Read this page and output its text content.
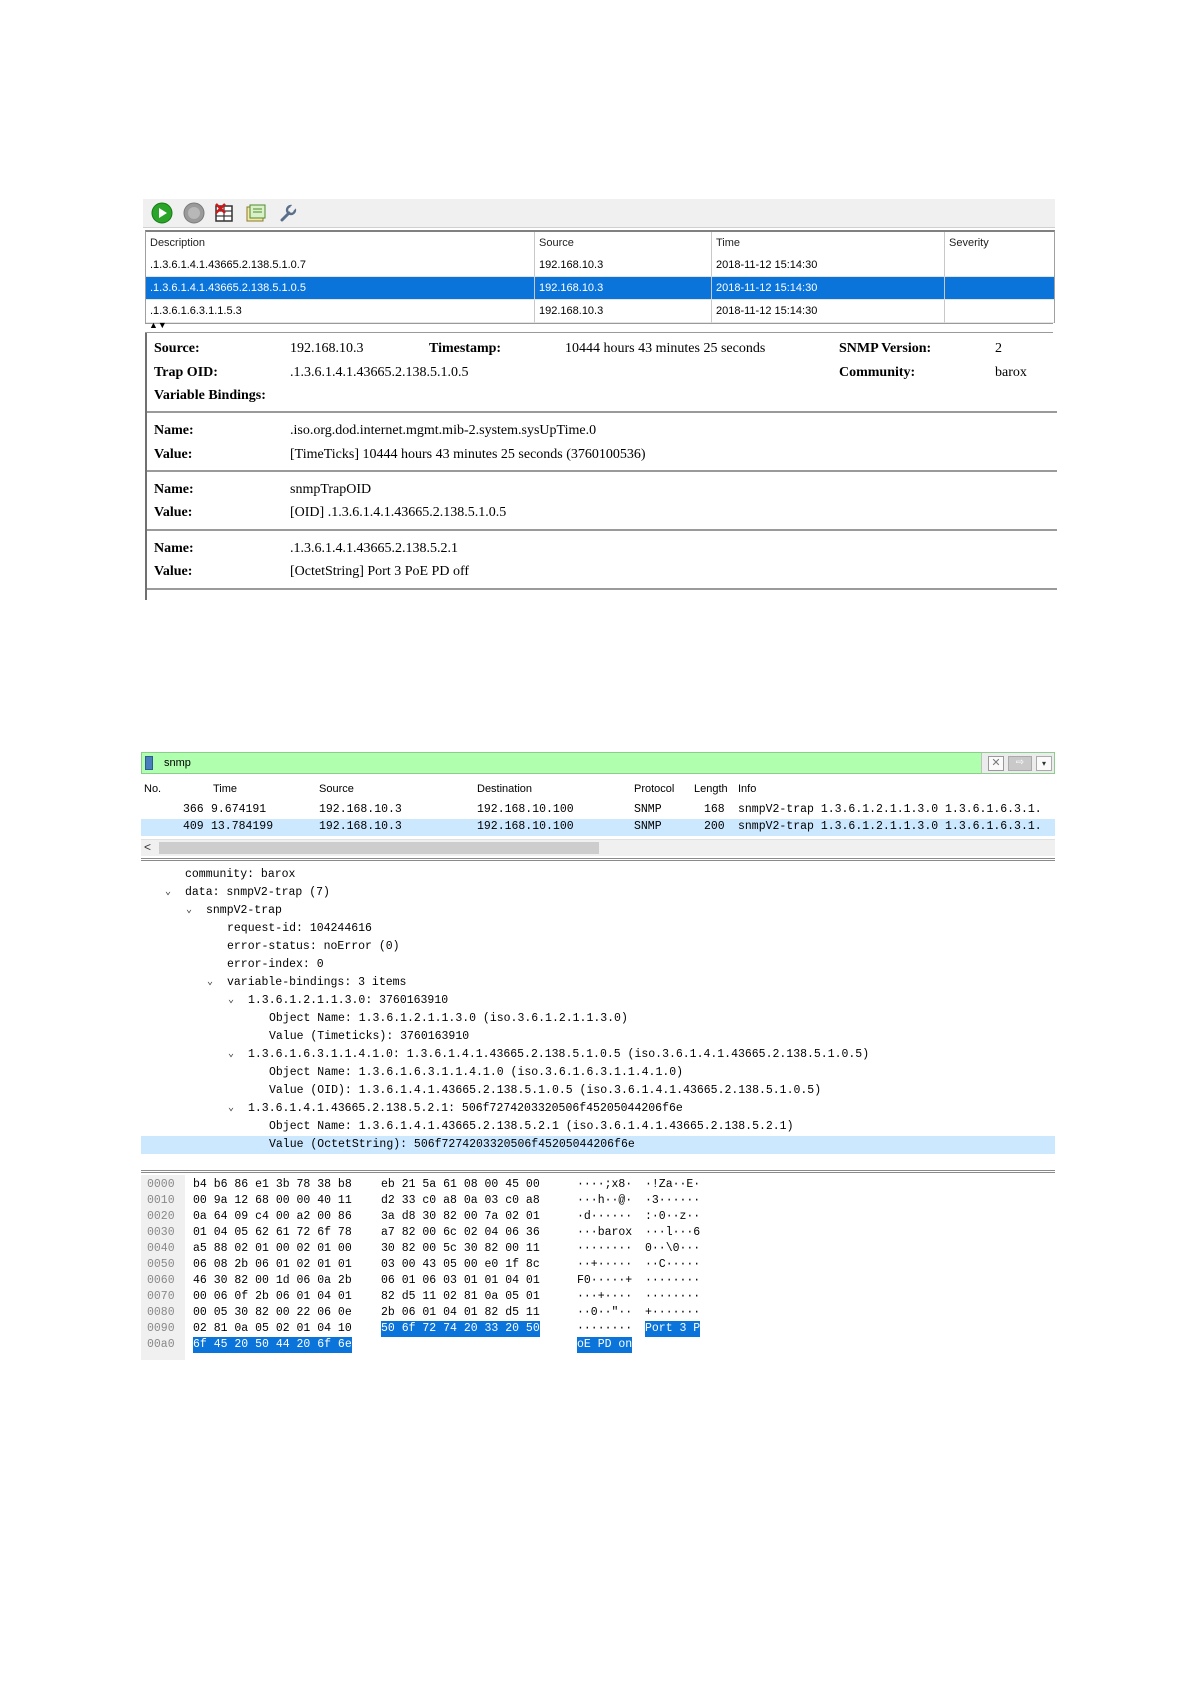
Description	Source	Time	Severity
.1.3.6.1.4.1.43665.2.138.5.1.0.7	192.168.10.3	2018-11-12 15:14:30
.1.3.6.1.4.1.43665.2.138.5.1.0.5	192.168.10.3	2018-11-12 15:14:30
.1.3.6.1.6.3.1.1.5.3	192.168.10.3	2018-11-12 15:14:30
▲▼
Source:	192.168.10.3	Timestamp:	10444 hours 43 minutes 25 seconds	SNMP Version:	2
Trap OID:	.1.3.6.1.4.1.43665.2.138.5.1.0.5	Community:	barox
Variable Bindings:
Name:	.iso.org.dod.internet.mgmt.mib-2.system.sysUpTime.0
Value:	[TimeTicks] 10444 hours 43 minutes 25 seconds (3760100536)
Name:	snmpTrapOID
Value:	[OID] .1.3.6.1.4.1.43665.2.138.5.1.0.5
Name:	.1.3.6.1.4.1.43665.2.138.5.2.1
Value:	[OctetString] Port 3 PoE PD off
snmp	✕	⇨	▾
No.	Time	Source	Destination	Protocol Length Info
366 9.674191	192.168.10.3	192.168.10.100	SNMP	168 snmpV2-trap 1.3.6.1.2.1.1.3.0 1.3.6.1.6.3.1.
409 13.784199	192.168.10.3	192.168.10.100	SNMP	200 snmpV2-trap 1.3.6.1.2.1.1.3.0 1.3.6.1.6.3.1.
<
community: barox
⌄ data: snmpV2-trap (7)
⌄ snmpV2-trap
request-id: 104244616
error-status: noError (0)
error-index: 0
⌄ variable-bindings: 3 items
⌄ 1.3.6.1.2.1.1.3.0: 3760163910
Object Name: 1.3.6.1.2.1.1.3.0 (iso.3.6.1.2.1.1.3.0)
Value (Timeticks): 3760163910
⌄ 1.3.6.1.6.3.1.1.4.1.0: 1.3.6.1.4.1.43665.2.138.5.1.0.5 (iso.3.6.1.4.1.43665.2.138.5.1.0.5)
Object Name: 1.3.6.1.6.3.1.1.4.1.0 (iso.3.6.1.6.3.1.1.4.1.0)
Value (OID): 1.3.6.1.4.1.43665.2.138.5.1.0.5 (iso.3.6.1.4.1.43665.2.138.5.1.0.5)
⌄ 1.3.6.1.4.1.43665.2.138.5.2.1: 506f7274203320506f45205044206f6e
Object Name: 1.3.6.1.4.1.43665.2.138.5.2.1 (iso.3.6.1.4.1.43665.2.138.5.2.1)
Value (OctetString): 506f7274203320506f45205044206f6e
0000 b4 b6 86 e1 3b 78 38 b8	eb 21 5a 61 08 00 45 00	····;x8· ·!Za··E·
0010 00 9a 12 68 00 00 40 11	d2 33 c0 a8 0a 03 c0 a8	···h··@· ·3······
0020 0a 64 09 c4 00 a2 00 86	3a d8 30 82 00 7a 02 01	·d······ :·0··z··
0030 01 04 05 62 61 72 6f 78	a7 82 00 6c 02 04 06 36	···barox ···l···6
0040 a5 88 02 01 00 02 01 00	30 82 00 5c 30 82 00 11	········ 0··\0···
0050 06 08 2b 06 01 02 01 01	03 00 43 05 00 e0 1f 8c	··+····· ··C·····
0060 46 30 82 00 1d 06 0a 2b	06 01 06 03 01 01 04 01	F0·····+ ········
0070 00 06 0f 2b 06 01 04 01	82 d5 11 02 81 0a 05 01	···+···· ········
0080 00 05 30 82 00 22 06 0e	2b 06 01 04 01 82 d5 11	··0··"·· +·······
0090 02 81 0a 05 02 01 04 10	50 6f 72 74 20 33 20 50	········ Port 3 P
00a0 6f 45 20 50 44 20 6f 6e	oE PD on
